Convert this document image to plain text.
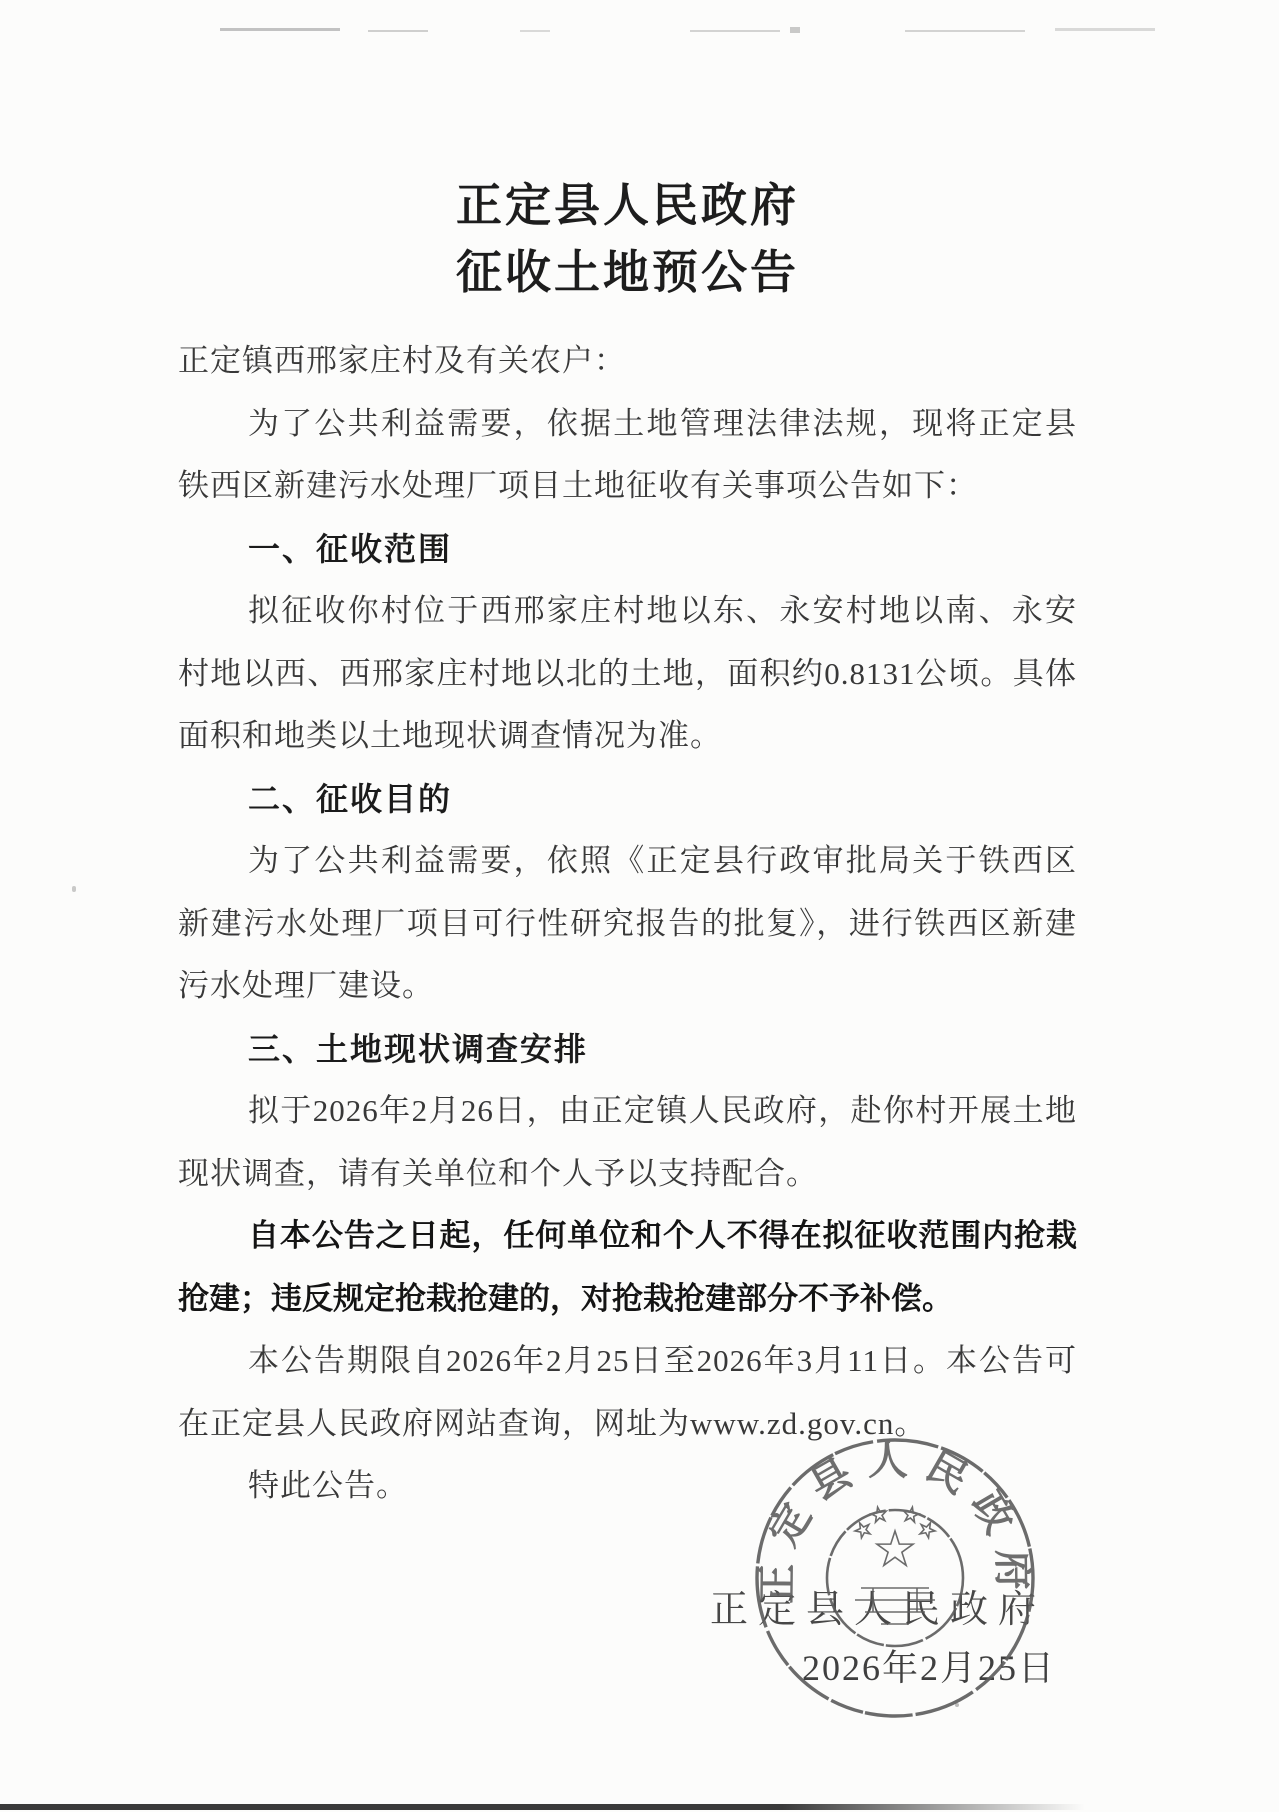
正定县人民政府
征收土地预公告

正定镇西邢家庄村及有关农户：

为了公共利益需要，依据土地管理法律法规，现将正定县铁西区新建污水处理厂项目土地征收有关事项公告如下：

一、征收范围

拟征收你村位于西邢家庄村地以东、永安村地以南、永安村地以西、西邢家庄村地以北的土地，面积约0.8131公顷。具体面积和地类以土地现状调查情况为准。

二、征收目的

为了公共利益需要，依照《正定县行政审批局关于铁西区新建污水处理厂项目可行性研究报告的批复》，进行铁西区新建污水处理厂建设。

三、土地现状调查安排

拟于2026年2月26日，由正定镇人民政府，赴你村开展土地现状调查，请有关单位和个人予以支持配合。

自本公告之日起，任何单位和个人不得在拟征收范围内抢栽抢建；违反规定抢栽抢建的，对抢栽抢建部分不予补偿。

本公告期限自2026年2月25日至2026年3月11日。本公告可在正定县人民政府网站查询，网址为www.zd.gov.cn。

特此公告。

正定县人民政府
2026年2月25日
正定县人民政府
